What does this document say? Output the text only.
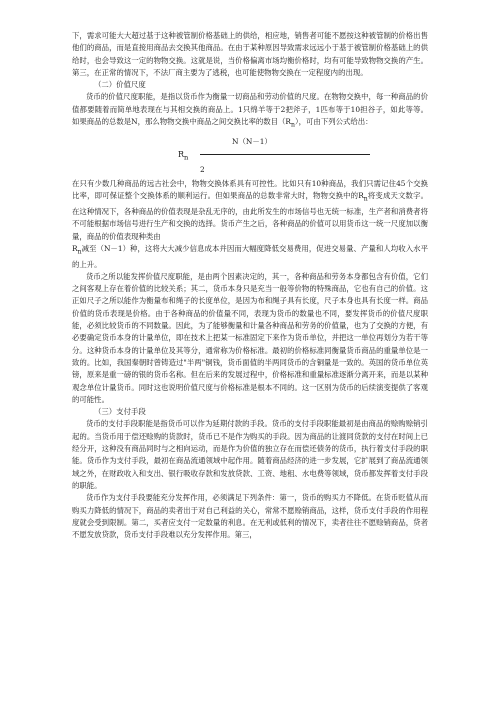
下，需求可能大大超过基于这种被管制价格基础上的供给，相应地，销售者可能不愿按这种被管制的价格出售他们的商品，而是直接用商品去交换其他商品。在由于某种原因导致需求远远小于基于被管制价格基础上的供给时，也会导致这一定的物物交换。这就是说，当价格偏离市场均衡价格时，均有可能导致物物交换的产生。第三，在正常的情况下，不法厂商主要为了逃税，也可能使物物交换在一定程度内的出现。

（二）价值尺度

货币的价值尺度职能，是指以货币作为衡量一切商品和劳动价值的尺度。在物物交换中，每一种商品的价值都要随着而简单地表现在与其相交换的商品上。1只绵羊等于2把斧子，1匹布等于10担谷子，如此等等。如果商品的总数是N，那么物物交换中商品之间交换比率的数目$(R_n)$，可由下列公式给出：

N（N－1）
$R_n$
2

在只有少数几种商品的远古社会中，物物交换体系具有可控性。比如只有10种商品，我们只需记住45个交换比率，即可保证整个交换体系的顺利运行。但如果商品的总数非常大时，物物交换中的$R_n$将变成天文数字。在这种情况下，各种商品的价值表现是杂乱无序的，由此所发生的市场信号也无统一标准，生产者和消费者将不可能根据市场信号进行生产和交换的选择。货币产生之后，各种商品的价值可以用货币这一统一尺度加以衡量，商品的价值表现种类由

$R_n$减至（N－1）种，这将大大减少信息成本并因而大幅度降低交易费用，促进交易量、产量和人均收入水平的上升。

货币之所以能发挥价值尺度职能，是由两个因素决定的，其一，各种商品和劳务本身都包含有价值，它们之间客观上存在着价值的比较关系；其二，货币本身只是充当一般等价物的特殊商品，它也有自己的价值。这正如尺子之所以能作为衡量布和绳子的长度单位，是因为布和绳子具有长度，尺子本身也具有长度一样。商品价值的货币表现是价格。由于各种商品的价值量不同，表现为货币的数量也不同，要发挥货币的价值尺度职能，必须比较货币的不同数量。因此，为了能够衡量和计量各种商品和劳务的价值量，也为了交换的方便，有必要确定货币本身的计量单位，即在技术上把某一标准固定下来作为货币单位，并把这一单位再划分为若干等分。这种货币本身的计量单位及其等分，通常称为价格标准。最初的价格标准同衡量货币商品的重量单位是一致的。比如，我国秦朝时曾铸造过"半两"铜钱，货币面值的半两同货币的含铜量是一致的。英国的货币单位英镑，原来是重一磅的银的货币名称。但在后来的发展过程中，价格标准和重量标准逐渐分离开来，而是以某种观念单位计量货币。同时这也说明价值尺度与价格标准是根本不同的。这一区别为货币的后续演变提供了客观的可能性。

（三）支付手段

货币的支付手段职能是指货币可以作为延期付款的手段。货币的支付手段职能最初是由商品的赊购赊销引起的。当货币用于偿还赊购的货款时，货币已不是作为购买的手段。因为商品的让渡同货款的支付在时间上已经分开，这种没有商品同时与之相向运动，而是作为价值的独立存在而偿还债务的货币，执行着支付手段的职能。货币作为支付手段，最初在商品流通领域中起作用。随着商品经济的进一步发展，它扩展到了商品流通领域之外，在财政收入和支出、银行吸收存款和发放贷款、工资、地租、水电费等领域，货币都发挥着支付手段的职能。

货币作为支付手段要能充分发挥作用，必须满足下列条件：第一，货币的购买力不降低。在货币贬值从而购买力降低的情况下，商品的卖者出于对自己利益的关心，常常不愿赊销商品，这样，货币支付手段的作用程度就会受到限制。第二，买者应支付一定数量的利息。在无利或低利的情况下，卖者往往不愿赊销商品，贷者不愿发放贷款，货币支付手段难以充分发挥作用。第三，
